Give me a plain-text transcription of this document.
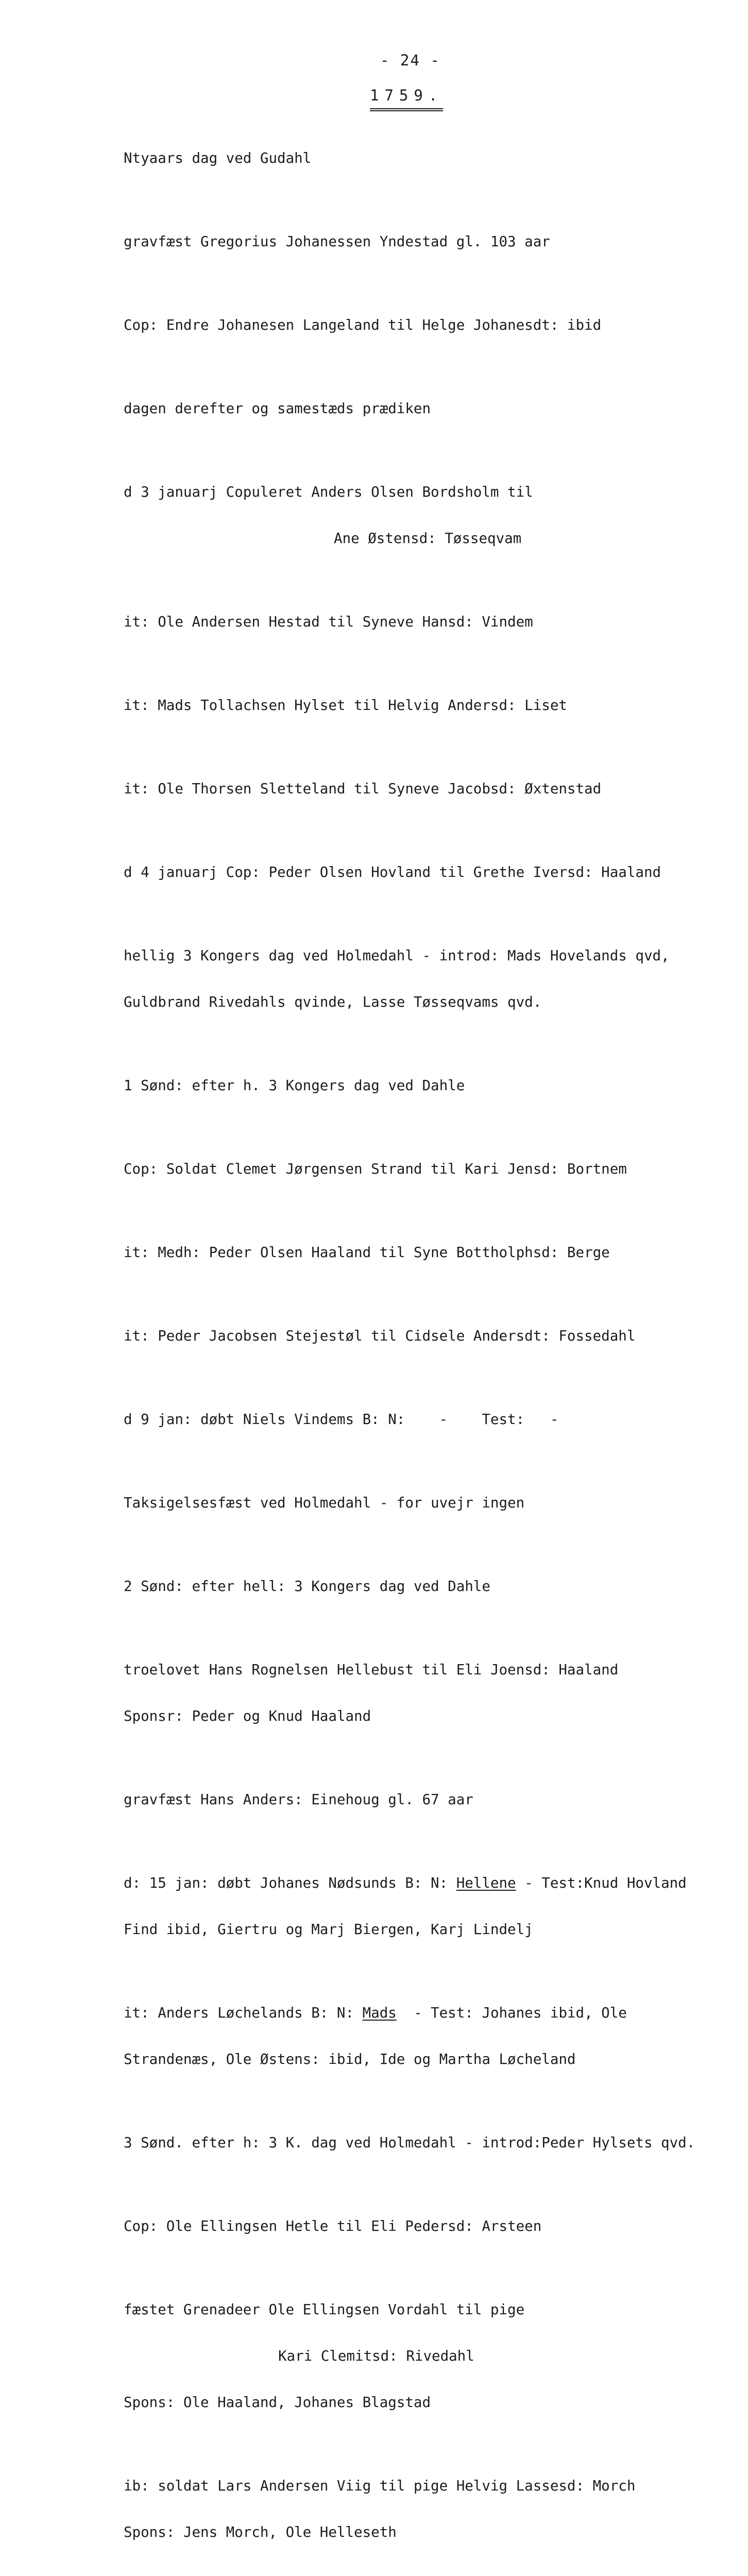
- 24 -
1759.

Ntyaars dag ved Gudahl

gravfæst Gregorius Johanessen Yndestad gl. 103 aar

Cop: Endre Johanesen Langeland til Helge Johanesdt: ibid

dagen derefter og samestæds prædiken

d 3 januarj Copuleret Anders Olsen Bordsholm til

Ane Østensd: Tøsseqvam

it: Ole Andersen Hestad til Syneve Hansd: Vindem

it: Mads Tollachsen Hylset til Helvig Andersd: Liset

it: Ole Thorsen Sletteland til Syneve Jacobsd: Øxtenstad

d 4 januarj Cop: Peder Olsen Hovland til Grethe Iversd: Haaland

hellig 3 Kongers dag ved Holmedahl - introd: Mads Hovelands qvd,

Guldbrand Rivedahls qvinde, Lasse Tøsseqvams qvd.

1 Sønd: efter h. 3 Kongers dag ved Dahle

Cop: Soldat Clemet Jørgensen Strand til Kari Jensd: Bortnem

it: Medh: Peder Olsen Haaland til Syne Bottholphsd: Berge

it: Peder Jacobsen Stejestøl til Cidsele Andersdt: Fossedahl

d 9 jan: døbt Niels Vindems B: N:    -    Test:   -

Taksigelsesfæst ved Holmedahl - for uvejr ingen

2 Sønd: efter hell: 3 Kongers dag ved Dahle

troelovet Hans Rognelsen Hellebust til Eli Joensd: Haaland

Sponsr: Peder og Knud Haaland

gravfæst Hans Anders: Einehoug gl. 67 aar

d: 15 jan: døbt Johanes Nødsunds B: N: Hellene - Test:Knud Hovland

Find ibid, Giertru og Marj Biergen, Karj Lindelj

it: Anders Løchelands B: N: Mads  - Test: Johanes ibid, Ole

Strandenæs, Ole Østens: ibid, Ide og Martha Løcheland

3 Sønd. efter h: 3 K. dag ved Holmedahl - introd:Peder Hylsets qvd.

Cop: Ole Ellingsen Hetle til Eli Pedersd: Arsteen

fæstet Grenadeer Ole Ellingsen Vordahl til pige

Kari Clemitsd: Rivedahl

Spons: Ole Haaland, Johanes Blagstad

ib: soldat Lars Andersen Viig til pige Helvig Lassesd: Morch

Spons: Jens Morch, Ole Helleseth
